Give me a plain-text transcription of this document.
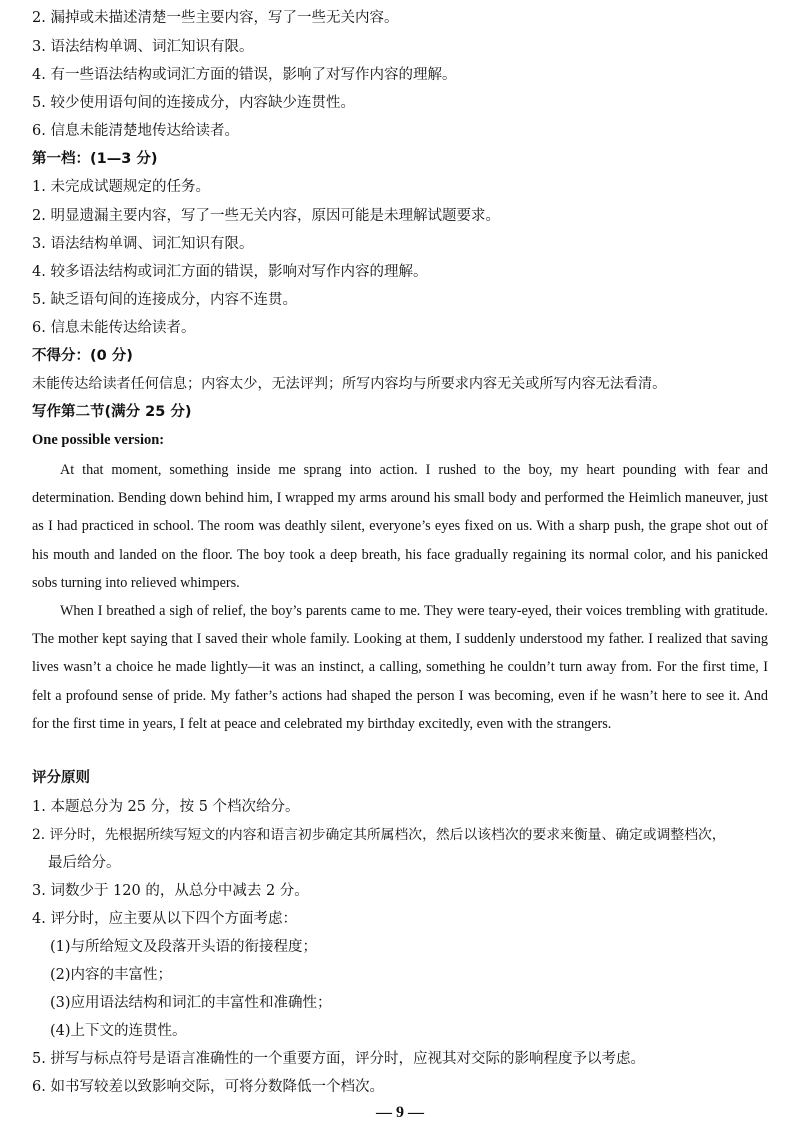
2. 漏掉或未描述清楚一些主要内容，写了一些无关内容。
3. 语法结构单调、词汇知识有限。
4. 有一些语法结构或词汇方面的错误，影响了对写作内容的理解。
5. 较少使用语句间的连接成分，内容缺少连贯性。
6. 信息未能清楚地传达给读者。
第一档：(1—3 分)
1. 未完成试题规定的任务。
2. 明显遗漏主要内容，写了一些无关内容，原因可能是未理解试题要求。
3. 语法结构单调、词汇知识有限。
4. 较多语法结构或词汇方面的错误，影响对写作内容的理解。
5. 缺乏语句间的连接成分，内容不连贯。
6. 信息未能传达给读者。
不得分：(0 分)
未能传达给读者任何信息；内容太少，无法评判；所写内容均与所要求内容无关或所写内容无法看清。
写作第二节(满分 25 分)
One possible version:

At that moment, something inside me sprang into action. I rushed to the boy, my heart pounding with fear and determination. Bending down behind him, I wrapped my arms around his small body and performed the Heimlich maneuver, just as I had practiced in school. The room was deathly silent, everyone’s eyes fixed on us. With a sharp push, the grape shot out of his mouth and landed on the floor. The boy took a deep breath, his face gradually regaining its normal color, and his panicked sobs turning into relieved whimpers.

When I breathed a sigh of relief, the boy’s parents came to me. They were teary-eyed, their voices trembling with gratitude. The mother kept saying that I saved their whole family. Looking at them, I suddenly understood my father. I realized that saving lives wasn’t a choice he made lightly—it was an instinct, a calling, something he couldn’t turn away from. For the first time, I felt a profound sense of pride. My father’s actions had shaped the person I was becoming, even if he wasn’t here to see it. And for the first time in years, I felt at peace and celebrated my birthday excitedly, even with the strangers.

评分原则
1. 本题总分为 25 分，按 5 个档次给分。
2. 评分时，先根据所续写短文的内容和语言初步确定其所属档次，然后以该档次的要求来衡量、确定或调整档次，
最后给分。
3. 词数少于 120 的，从总分中减去 2 分。
4. 评分时，应主要从以下四个方面考虑：
(1)与所给短文及段落开头语的衔接程度；
(2)内容的丰富性；
(3)应用语法结构和词汇的丰富性和准确性；
(4)上下文的连贯性。
5. 拼写与标点符号是语言准确性的一个重要方面，评分时，应视其对交际的影响程度予以考虑。
6. 如书写较差以致影响交际，可将分数降低一个档次。
— 9 —
